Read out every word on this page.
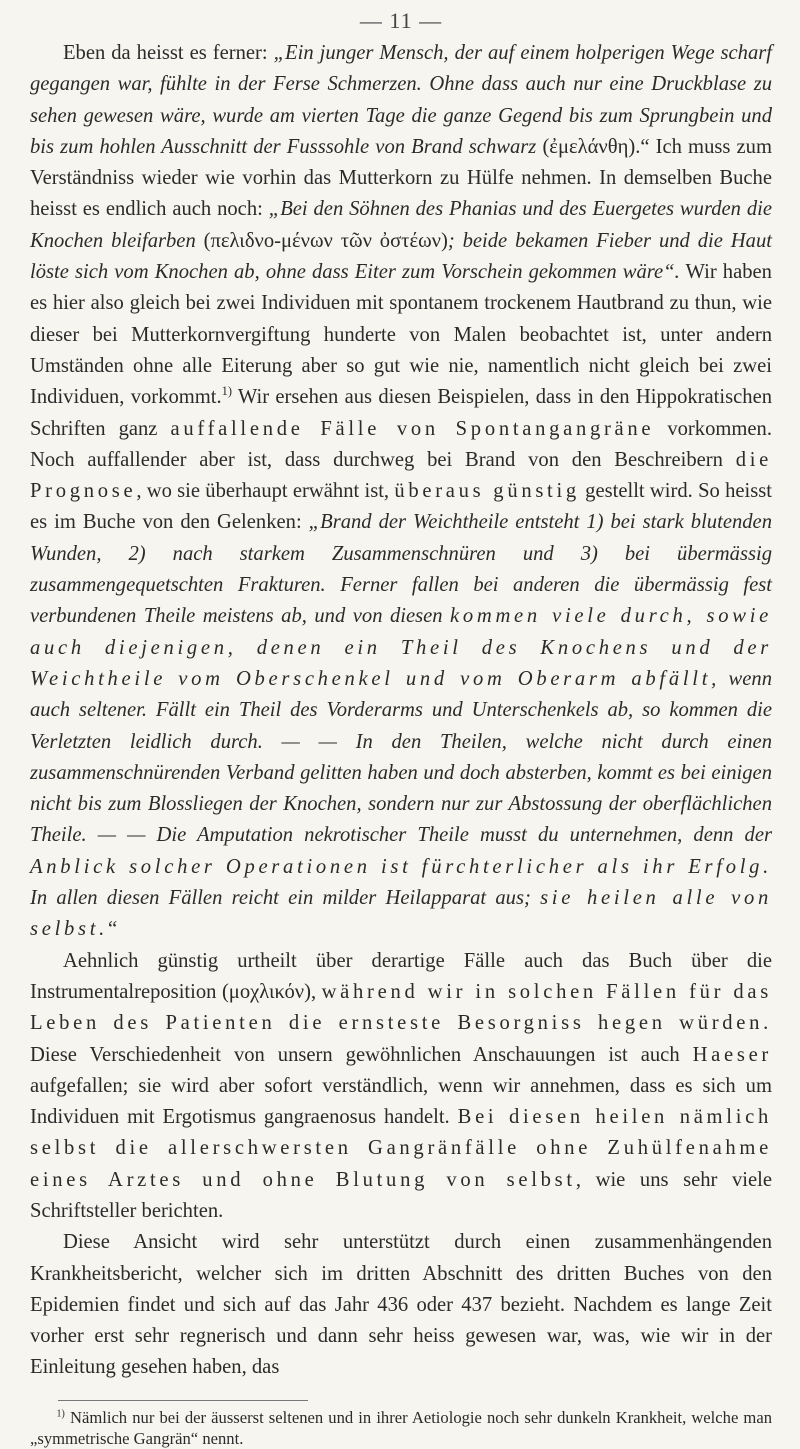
— 11 —

Eben da heisst es ferner: „Ein junger Mensch, der auf einem holperigen Wege scharf gegangen war, fühlte in der Ferse Schmerzen. Ohne dass auch nur eine Druckblase zu sehen gewesen wäre, wurde am vierten Tage die ganze Gegend bis zum Sprungbein und bis zum hohlen Ausschnitt der Fusssohle von Brand schwarz (ἐμελάνθη).“ Ich muss zum Verständniss wieder wie vorhin das Mutterkorn zu Hülfe nehmen. In demselben Buche heisst es endlich auch noch: „Bei den Söhnen des Phanias und des Euergetes wurden die Knochen bleifarben (πελιδνο-μένων τῶν ὀστέων); beide bekamen Fieber und die Haut löste sich vom Knochen ab, ohne dass Eiter zum Vorschein gekommen wäre“. Wir haben es hier also gleich bei zwei Individuen mit spontanem trockenem Hautbrand zu thun, wie dieser bei Mutterkornvergiftung hunderte von Malen beobachtet ist, unter andern Umständen ohne alle Eiterung aber so gut wie nie, namentlich nicht gleich bei zwei Individuen, vorkommt.$^{1)}$ Wir ersehen aus diesen Beispielen, dass in den Hippokratischen Schriften ganz auffallende Fälle von Spontangangräne vorkommen. Noch auffallender aber ist, dass durchweg bei Brand von den Beschreibern die Prognose, wo sie überhaupt erwähnt ist, überaus günstig gestellt wird. So heisst es im Buche von den Gelenken: „Brand der Weichtheile entsteht 1) bei stark blutenden Wunden, 2) nach starkem Zusammenschnüren und 3) bei übermässig zusammengequetschten Frakturen. Ferner fallen bei anderen die übermässig fest verbundenen Theile meistens ab, und von diesen kommen viele durch, sowie auch diejenigen, denen ein Theil des Knochens und der Weichtheile vom Oberschenkel und vom Oberarm abfällt, wenn auch seltener. Fällt ein Theil des Vorderarms und Unterschenkels ab, so kommen die Verletzten leidlich durch. — — In den Theilen, welche nicht durch einen zusammenschnürenden Verband gelitten haben und doch absterben, kommt es bei einigen nicht bis zum Blossliegen der Knochen, sondern nur zur Abstossung der oberflächlichen Theile. — — Die Amputation nekrotischer Theile musst du unternehmen, denn der Anblick solcher Operationen ist fürchterlicher als ihr Erfolg. In allen diesen Fällen reicht ein milder Heilapparat aus; sie heilen alle von selbst.“

Aehnlich günstig urtheilt über derartige Fälle auch das Buch über die Instrumentalreposition (μοχλικόν), während wir in solchen Fällen für das Leben des Patienten die ernsteste Besorgniss hegen würden. Diese Verschiedenheit von unsern gewöhnlichen Anschauungen ist auch Haeser aufgefallen; sie wird aber sofort verständlich, wenn wir annehmen, dass es sich um Individuen mit Ergotismus gangraenosus handelt. Bei diesen heilen nämlich selbst die allerschwersten Gangränfälle ohne Zuhülfenahme eines Arztes und ohne Blutung von selbst, wie uns sehr viele Schriftsteller berichten.

Diese Ansicht wird sehr unterstützt durch einen zusammenhängenden Krankheitsbericht, welcher sich im dritten Abschnitt des dritten Buches von den Epidemien findet und sich auf das Jahr 436 oder 437 bezieht. Nachdem es lange Zeit vorher erst sehr regnerisch und dann sehr heiss gewesen war, was, wie wir in der Einleitung gesehen haben, das

$^{1)}$ Nämlich nur bei der äusserst seltenen und in ihrer Aetiologie noch sehr dunkeln Krankheit, welche man „symmetrische Gangrän“ nennt.
